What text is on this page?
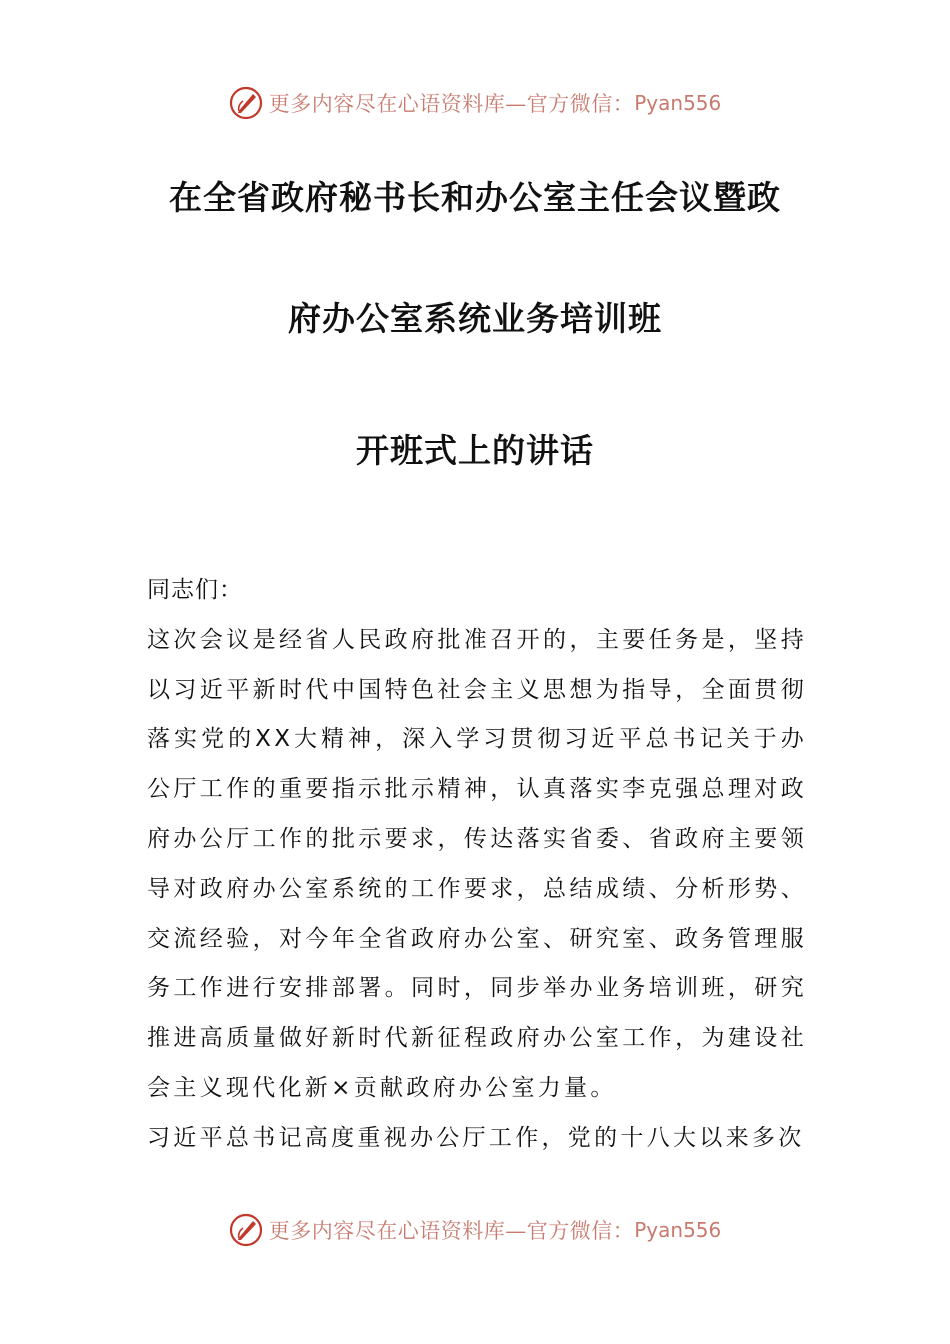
更多内容尽在心语资料库—官方微信： Pyan556
在全省政府秘书长和办公室主任会议暨政
府办公室系统业务培训班
开班式上的讲话

同志们：

这次会议是经省人民政府批准召开的，主要任务是，坚持以习近平新时代中国特色社会主义思想为指导，全面贯彻落实党的XX大精神，深入学习贯彻习近平总书记关于办公厅工作的重要指示批示精神，认真落实李克强总理对政府办公厅工作的批示要求，传达落实省委、省政府主要领导对政府办公室系统的工作要求，总结成绩、分析形势、交流经验，对今年全省政府办公室、研究室、政务管理服务工作进行安排部署。同时，同步举办业务培训班，研究推进高质量做好新时代新征程政府办公室工作，为建设社会主义现代化新×贡献政府办公室力量。

习近平总书记高度重视办公厅工作，党的十八大以来多次

更多内容尽在心语资料库—官方微信： Pyan556
